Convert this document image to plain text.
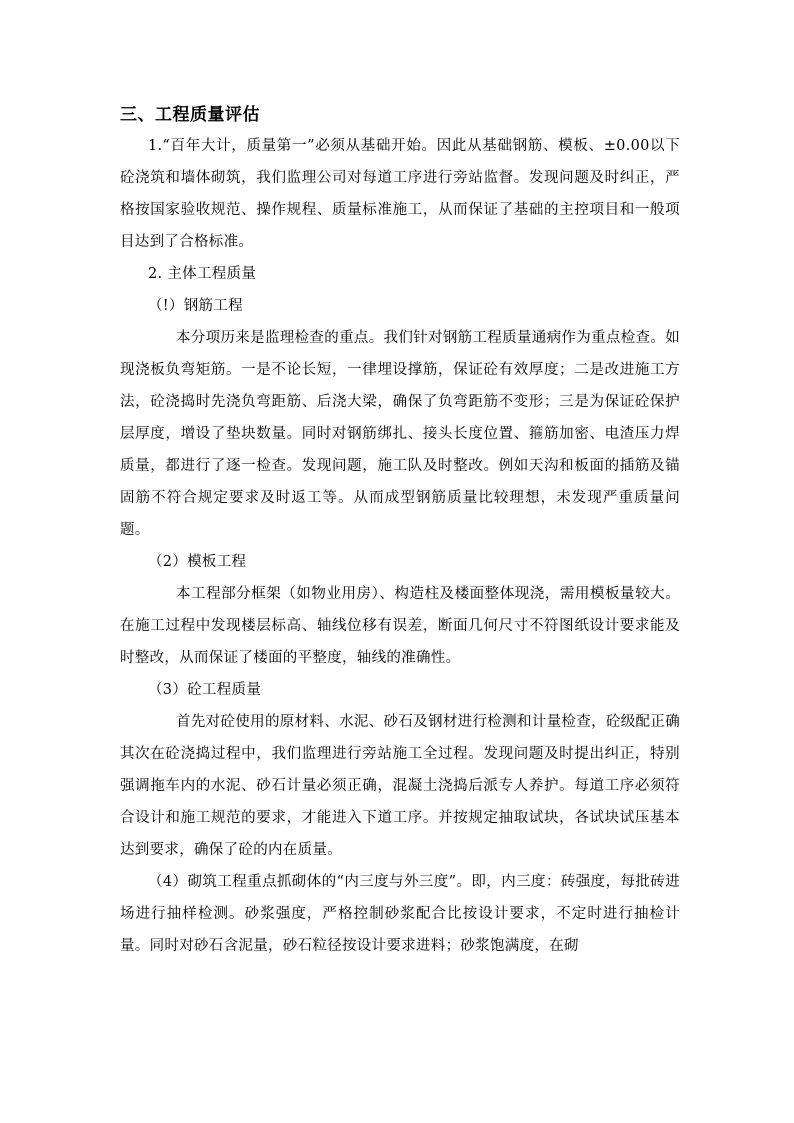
三、工程质量评估

1.“百年大计，质量第一”必须从基础开始。因此从基础钢筋、模板、±0.00以下砼浇筑和墙体砌筑，我们监理公司对每道工序进行旁站监督。发现问题及时纠正，严格按国家验收规范、操作规程、质量标准施工，从而保证了基础的主控项目和一般项目达到了合格标准。

2. 主体工程质量

（!）钢筋工程

本分项历来是监理检查的重点。我们针对钢筋工程质量通病作为重点检查。如现浇板负弯矩筋。一是不论长短，一律埋设撑筋，保证砼有效厚度；二是改进施工方法，砼浇捣时先浇负弯距筋、后浇大梁，确保了负弯距筋不变形；三是为保证砼保护层厚度，增设了垫块数量。同时对钢筋绑扎、接头长度位置、箍筋加密、电渣压力焊质量，都进行了逐一检查。发现问题，施工队及时整改。例如天沟和板面的插筋及锚固筋不符合规定要求及时返工等。从而成型钢筋质量比较理想，未发现严重质量问题。

（2）模板工程

本工程部分框架（如物业用房）、构造柱及楼面整体现浇，需用模板量较大。在施工过程中发现楼层标高、轴线位移有误差，断面几何尺寸不符图纸设计要求能及时整改，从而保证了楼面的平整度，轴线的准确性。

（3）砼工程质量

首先对砼使用的原材料、水泥、砂石及钢材进行检测和计量检查，砼级配正确 其次在砼浇捣过程中，我们监理进行旁站施工全过程。发现问题及时提出纠正，特别强调拖车内的水泥、砂石计量必须正确，混凝土浇捣后派专人养护。每道工序必须符合设计和施工规范的要求，才能进入下道工序。并按规定抽取试块，各试块试压基本达到要求，确保了砼的内在质量。

（4）砌筑工程重点抓砌体的“内三度与外三度”。即，内三度：砖强度，每批砖进场进行抽样检测。砂浆强度，严格控制砂浆配合比按设计要求，不定时进行抽检计量。同时对砂石含泥量，砂石粒径按设计要求进料；砂浆饱满度，在砌
